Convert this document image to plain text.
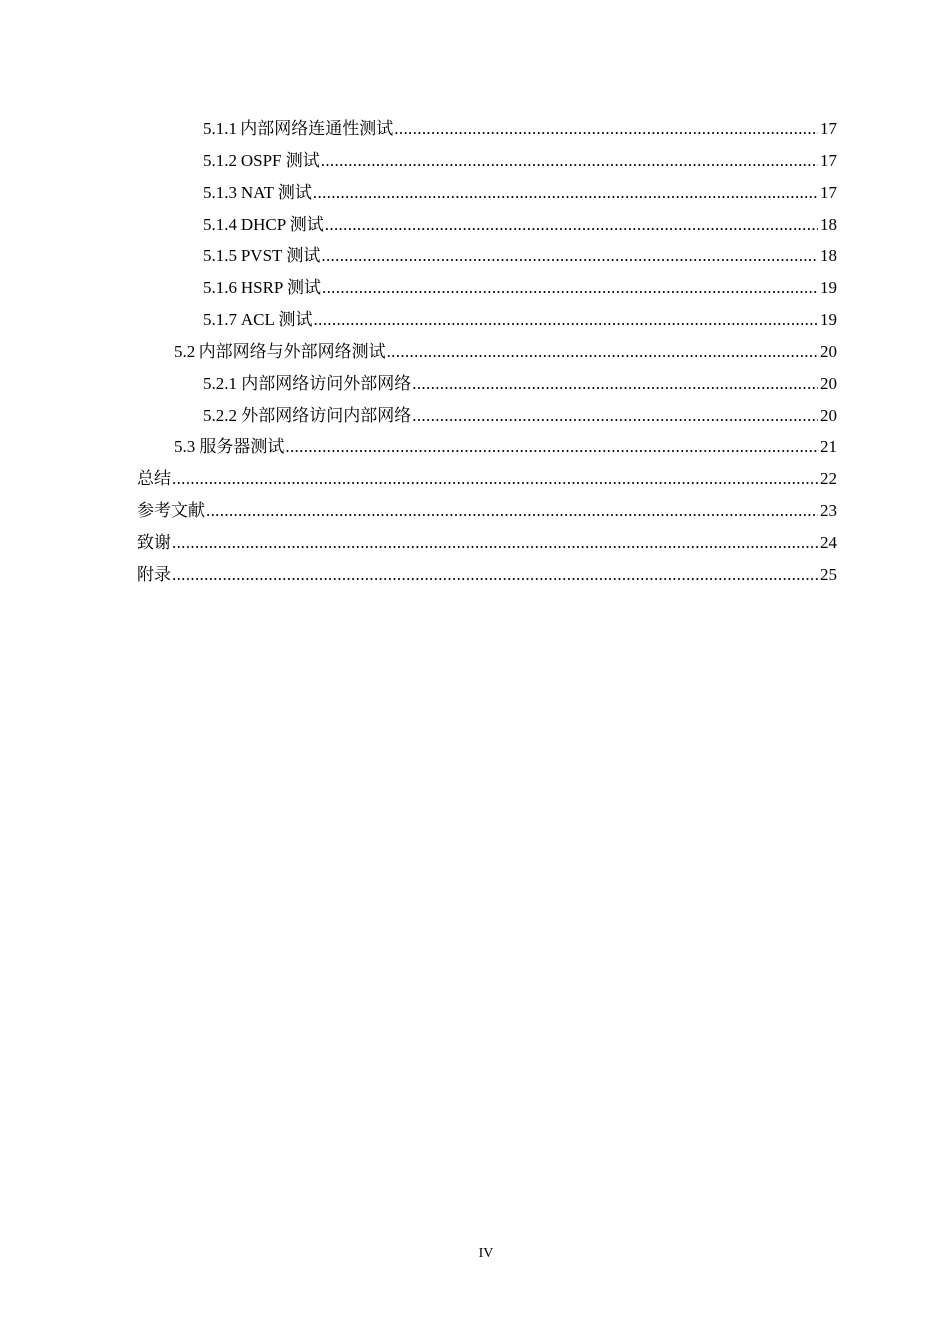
5.1.1 内部网络连通性测试 .....	17
5.1.2 OSPF 测试 .....	17
5.1.3 NAT 测试 .....	17
5.1.4 DHCP 测试 .....	18
5.1.5 PVST 测试 .....	18
5.1.6 HSRP 测试 .....	19
5.1.7 ACL 测试 .....	19
5.2 内部网络与外部网络测试 .....	20
5.2.1 内部网络访问外部网络 .....	20
5.2.2 外部网络访问内部网络 .....	20
5.3 服务器测试 .....	21
总结 .....	22
参考文献 .....	23
致谢 .....	24
附录 .....	25
IV
